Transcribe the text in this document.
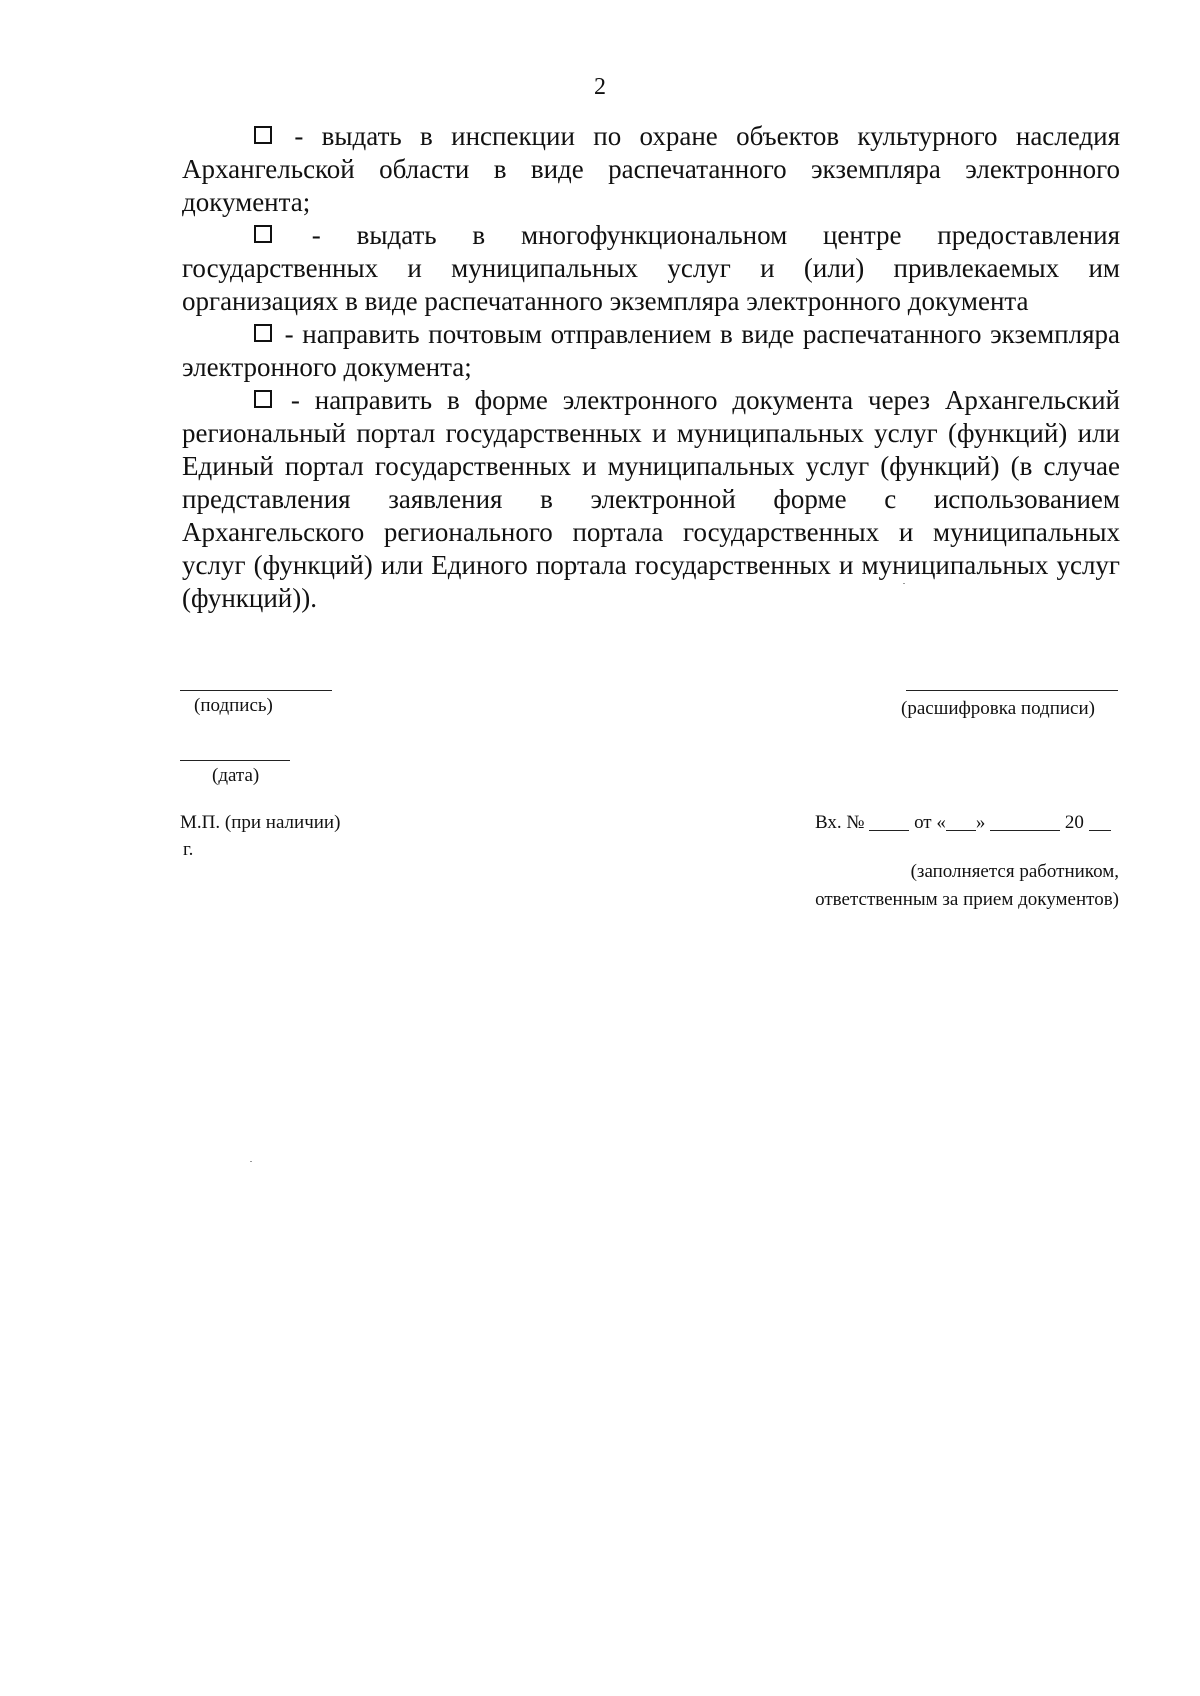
2

- выдать в инспекции по охране объектов культурного наследия Архангельской области в виде распечатанного экземпляра электронного документа;

- выдать в многофункциональном центре предоставления государственных и муниципальных услуг и (или) привлекаемых им организациях в виде распечатанного экземпляра электронного документа

- направить почтовым отправлением в виде распечатанного экземпляра электронного документа;

- направить в форме электронного документа через Архангельский региональный портал государственных и муниципальных услуг (функций) или Единый портал государственных и муниципальных услуг (функций) (в случае представления заявления в электронной форме с использованием Архангельского регионального портала государственных и муниципальных услуг (функций) или Единого портала государственных и муниципальных услуг (функций)).

(подпись)	(расшифровка подписи)
(дата)
М.П. (при наличии)
г.
Вх. №	от « »	20
(заполняется работником,
ответственным за прием документов)
